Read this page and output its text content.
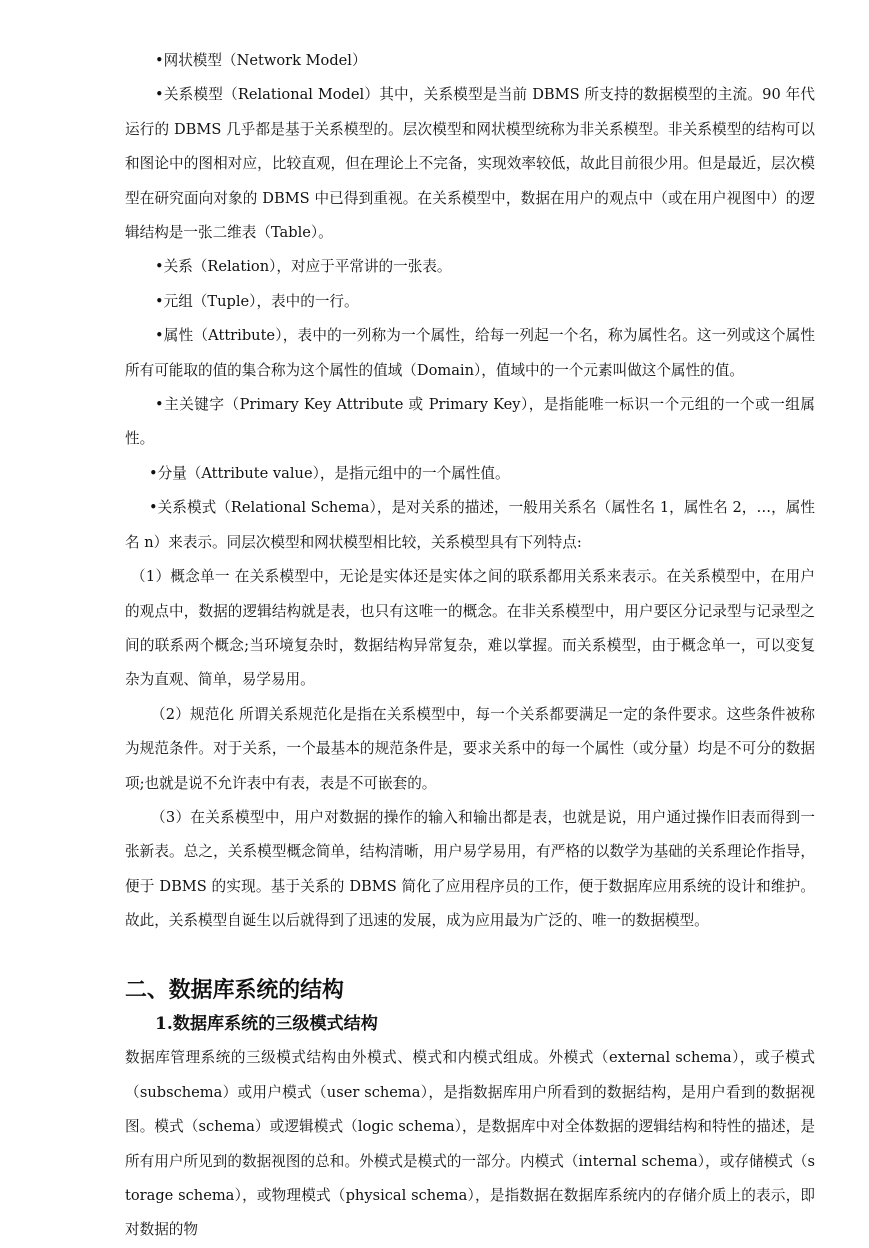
•网状模型（Network Model）

•关系模型（Relational Model）其中，关系模型是当前 DBMS 所支持的数据模型的主流。90 年代运行的 DBMS 几乎都是基于关系模型的。层次模型和网状模型统称为非关系模型。非关系模型的结构可以和图论中的图相对应，比较直观，但在理论上不完备，实现效率较低，故此目前很少用。但是最近，层次模型在研究面向对象的 DBMS 中已得到重视。在关系模型中，数据在用户的观点中（或在用户视图中）的逻辑结构是一张二维表（Table）。

•关系（Relation），对应于平常讲的一张表。

•元组（Tuple），表中的一行。

•属性（Attribute），表中的一列称为一个属性，给每一列起一个名，称为属性名。这一列或这个属性所有可能取的值的集合称为这个属性的值域（Domain），值域中的一个元素叫做这个属性的值。

•主关键字（Primary Key Attribute 或 Primary Key），是指能唯一标识一个元组的一个或一组属性。

•分量（Attribute value），是指元组中的一个属性值。

•关系模式（Relational Schema），是对关系的描述，一般用关系名（属性名 1，属性名 2，…，属性名 n）来表示。同层次模型和网状模型相比较，关系模型具有下列特点:

（1）概念单一 在关系模型中，无论是实体还是实体之间的联系都用关系来表示。在关系模型中，在用户的观点中，数据的逻辑结构就是表，也只有这唯一的概念。在非关系模型中，用户要区分记录型与记录型之间的联系两个概念;当环境复杂时，数据结构异常复杂，难以掌握。而关系模型，由于概念单一，可以变复杂为直观、简单，易学易用。

（2）规范化 所谓关系规范化是指在关系模型中，每一个关系都要满足一定的条件要求。这些条件被称为规范条件。对于关系，一个最基本的规范条件是，要求关系中的每一个属性（或分量）均是不可分的数据项;也就是说不允许表中有表，表是不可嵌套的。

（3）在关系模型中，用户对数据的操作的输入和输出都是表，也就是说，用户通过操作旧表而得到一张新表。总之，关系模型概念简单，结构清晰，用户易学易用，有严格的以数学为基础的关系理论作指导，便于 DBMS 的实现。基于关系的 DBMS 简化了应用程序员的工作，便于数据库应用系统的设计和维护。故此，关系模型自诞生以后就得到了迅速的发展，成为应用最为广泛的、唯一的数据模型。

二、数据库系统的结构
1.数据库系统的三级模式结构

数据库管理系统的三级模式结构由外模式、模式和内模式组成。外模式（external schema），或子模式（subschema）或用户模式（user schema），是指数据库用户所看到的数据结构，是用户看到的数据视图。模式（schema）或逻辑模式（logic schema），是数据库中对全体数据的逻辑结构和特性的描述，是所有用户所见到的数据视图的总和。外模式是模式的一部分。内模式（internal schema），或存储模式（storage schema），或物理模式（physical schema），是指数据在数据库系统内的存储介质上的表示，即对数据的物
